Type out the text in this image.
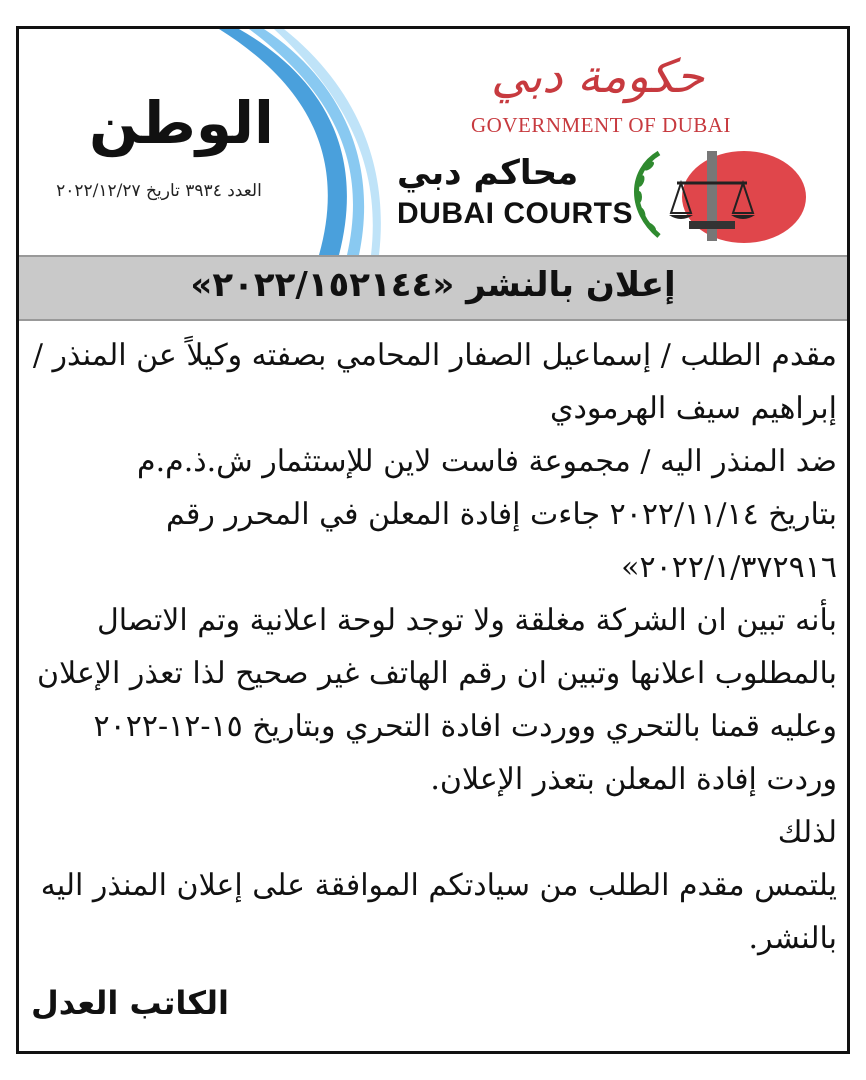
الوطن
العدد ٣٩٣٤ تاريخ ٢٠٢٢/١٢/٢٧
حكومة دبي
GOVERNMENT OF DUBAI
محاكم دبي
DUBAI COURTS
إعلان بالنشر «٢٠٢٢/١٥٢١٤٤»

مقدم الطلب / إسماعيل الصفار المحامي بصفته وكيلاً عن المنذر / إبراهيم سيف الهرمودي

ضد المنذر اليه / مجموعة فاست لاين للإستثمار ش.ذ.م.م

بتاريخ ٢٠٢٢/١١/١٤ جاءت إفادة المعلن في المحرر رقم ٢٠٢٢/١/٣٧٢٩١٦»

بأنه تبين ان الشركة مغلقة ولا توجد لوحة اعلانية وتم الاتصال بالمطلوب اعلانها وتبين ان رقم الهاتف غير صحيح لذا تعذر الإعلان وعليه قمنا بالتحري ووردت افادة التحري وبتاريخ ١٥-١٢-٢٠٢٢ وردت إفادة المعلن بتعذر الإعلان.

لذلك

يلتمس مقدم الطلب من سيادتكم الموافقة على إعلان المنذر اليه بالنشر.

الكاتب العدل
